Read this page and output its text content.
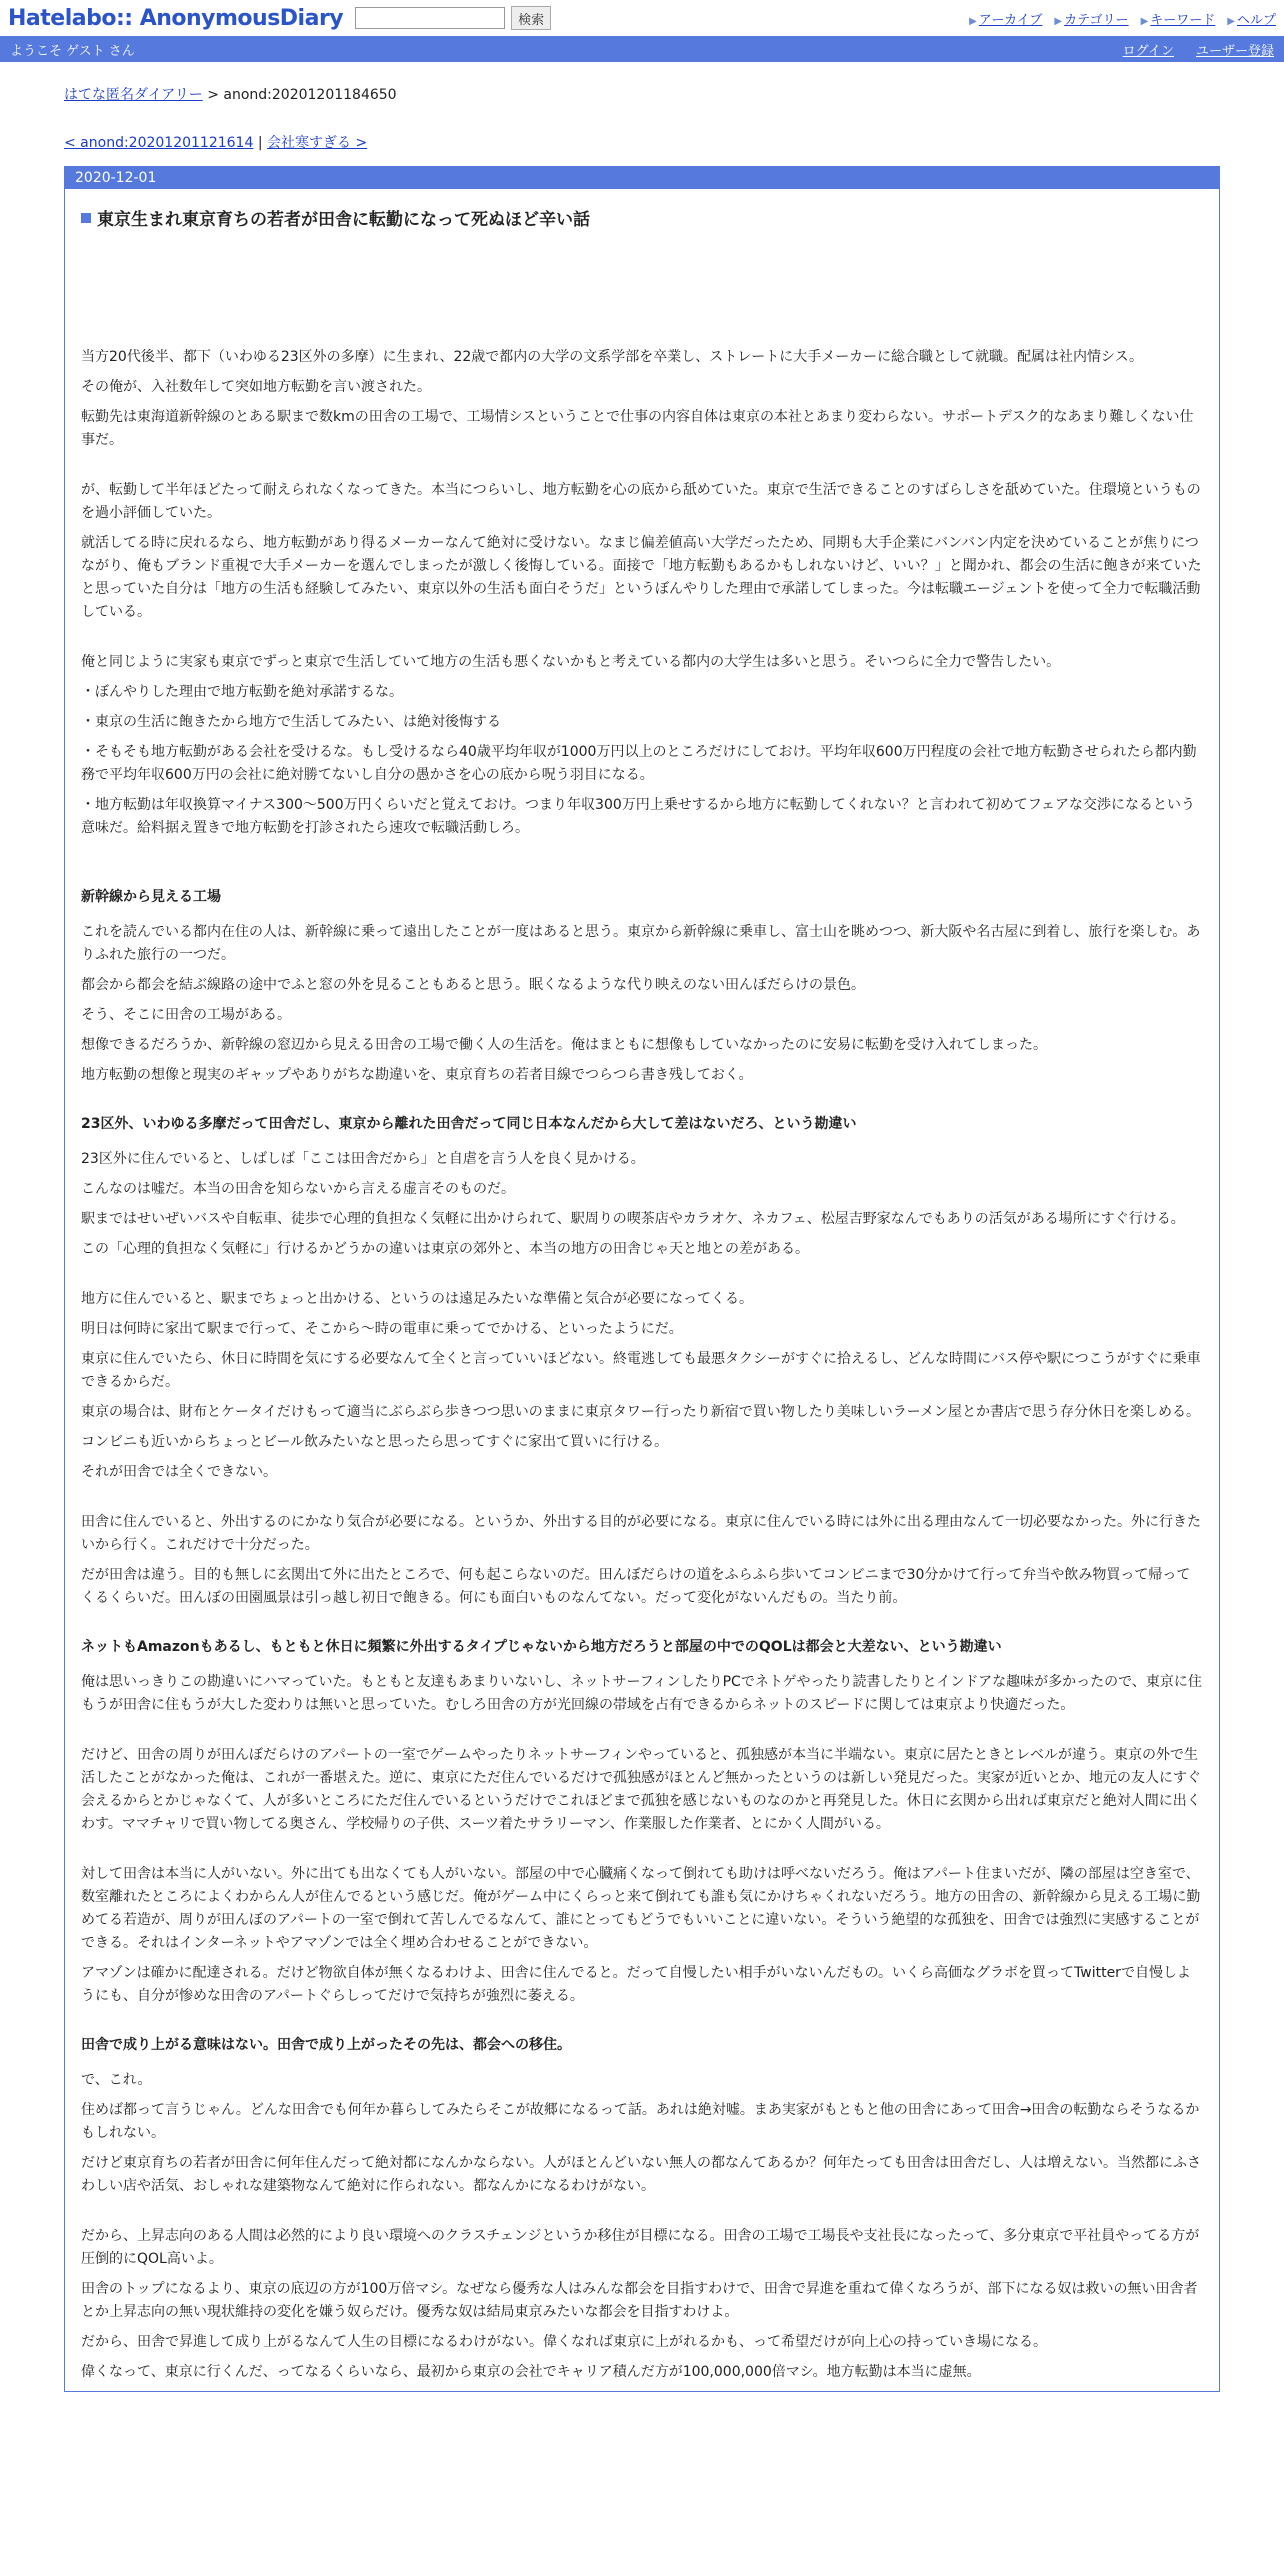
Hatelabo:: AnonymousDiary	検索	▶ アーカイブ ▶ カテゴリー ▶ キーワード ▶ ヘルプ
ようこそ ゲスト さん	ログイン ユーザー登録
はてな匿名ダイアリー > anond:20201201184650
< anond:20201201121614 | 会社寒すぎる >
2020-12-01
東京生まれ東京育ちの若者が田舎に転勤になって死ぬほど辛い話

当方20代後半、都下（いわゆる23区外の多摩）に生まれ、22歳で都内の大学の文系学部を卒業し、ストレートに大手メーカーに総合職として就職。配属は社内情シス。

その俺が、入社数年して突如地方転勤を言い渡された。

転勤先は東海道新幹線のとある駅まで数kmの田舎の工場で、工場情シスということで仕事の内容自体は東京の本社とあまり変わらない。サポートデスク的なあまり難しくない仕事だ。

が、転勤して半年ほどたって耐えられなくなってきた。本当につらいし、地方転勤を心の底から舐めていた。東京で生活できることのすばらしさを舐めていた。住環境というものを過小評価していた。

就活してる時に戻れるなら、地方転勤があり得るメーカーなんて絶対に受けない。なまじ偏差値高い大学だったため、同期も大手企業にバンバン内定を決めていることが焦りにつながり、俺もブランド重視で大手メーカーを選んでしまったが激しく後悔している。面接で「地方転勤もあるかもしれないけど、いい？」と聞かれ、都会の生活に飽きが来ていたと思っていた自分は「地方の生活も経験してみたい、東京以外の生活も面白そうだ」というぼんやりした理由で承諾してしまった。今は転職エージェントを使って全力で転職活動している。

俺と同じように実家も東京でずっと東京で生活していて地方の生活も悪くないかもと考えている都内の大学生は多いと思う。そいつらに全力で警告したい。

・ぼんやりした理由で地方転勤を絶対承諾するな。

・東京の生活に飽きたから地方で生活してみたい、は絶対後悔する

・そもそも地方転勤がある会社を受けるな。もし受けるなら40歳平均年収が1000万円以上のところだけにしておけ。平均年収600万円程度の会社で地方転勤させられたら都内勤務で平均年収600万円の会社に絶対勝てないし自分の愚かさを心の底から呪う羽目になる。

・地方転勤は年収換算マイナス300～500万円くらいだと覚えておけ。つまり年収300万円上乗せするから地方に転勤してくれない？と言われて初めてフェアな交渉になるという意味だ。給料据え置きで地方転勤を打診されたら速攻で転職活動しろ。

新幹線から見える工場

これを読んでいる都内在住の人は、新幹線に乗って遠出したことが一度はあると思う。東京から新幹線に乗車し、富士山を眺めつつ、新大阪や名古屋に到着し、旅行を楽しむ。ありふれた旅行の一つだ。

都会から都会を結ぶ線路の途中でふと窓の外を見ることもあると思う。眠くなるような代り映えのない田んぼだらけの景色。

そう、そこに田舎の工場がある。

想像できるだろうか、新幹線の窓辺から見える田舎の工場で働く人の生活を。俺はまともに想像もしていなかったのに安易に転勤を受け入れてしまった。

地方転勤の想像と現実のギャップやありがちな勘違いを、東京育ちの若者目線でつらつら書き残しておく。

23区外、いわゆる多摩だって田舎だし、東京から離れた田舎だって同じ日本なんだから大して差はないだろ、という勘違い

23区外に住んでいると、しばしば「ここは田舎だから」と自虐を言う人を良く見かける。

こんなのは嘘だ。本当の田舎を知らないから言える虚言そのものだ。

駅まではせいぜいバスや自転車、徒歩で心理的負担なく気軽に出かけられて、駅周りの喫茶店やカラオケ、ネカフェ、松屋吉野家なんでもありの活気がある場所にすぐ行ける。

この「心理的負担なく気軽に」行けるかどうかの違いは東京の郊外と、本当の地方の田舎じゃ天と地との差がある。

地方に住んでいると、駅までちょっと出かける、というのは遠足みたいな準備と気合が必要になってくる。

明日は何時に家出て駅まで行って、そこから～時の電車に乗ってでかける、といったようにだ。

東京に住んでいたら、休日に時間を気にする必要なんて全くと言っていいほどない。終電逃しても最悪タクシーがすぐに拾えるし、どんな時間にバス停や駅につこうがすぐに乗車できるからだ。

東京の場合は、財布とケータイだけもって適当にぶらぶら歩きつつ思いのままに東京タワー行ったり新宿で買い物したり美味しいラーメン屋とか書店で思う存分休日を楽しめる。

コンビニも近いからちょっとビール飲みたいなと思ったら思ってすぐに家出て買いに行ける。

それが田舎では全くできない。

田舎に住んでいると、外出するのにかなり気合が必要になる。というか、外出する目的が必要になる。東京に住んでいる時には外に出る理由なんて一切必要なかった。外に行きたいから行く。これだけで十分だった。

だが田舎は違う。目的も無しに玄関出て外に出たところで、何も起こらないのだ。田んぼだらけの道をふらふら歩いてコンビニまで30分かけて行って弁当や飲み物買って帰ってくるくらいだ。田んぼの田園風景は引っ越し初日で飽きる。何にも面白いものなんてない。だって変化がないんだもの。当たり前。

ネットもAmazonもあるし、もともと休日に頻繁に外出するタイプじゃないから地方だろうと部屋の中でのQOLは都会と大差ない、という勘違い

俺は思いっきりこの勘違いにハマっていた。もともと友達もあまりいないし、ネットサーフィンしたりPCでネトゲやったり読書したりとインドアな趣味が多かったので、東京に住もうが田舎に住もうが大した変わりは無いと思っていた。むしろ田舎の方が光回線の帯域を占有できるからネットのスピードに関しては東京より快適だった。

だけど、田舎の周りが田んぼだらけのアパートの一室でゲームやったりネットサーフィンやっていると、孤独感が本当に半端ない。東京に居たときとレベルが違う。東京の外で生活したことがなかった俺は、これが一番堪えた。逆に、東京にただ住んでいるだけで孤独感がほとんど無かったというのは新しい発見だった。実家が近いとか、地元の友人にすぐ会えるからとかじゃなくて、人が多いところにただ住んでいるというだけでこれほどまで孤独を感じないものなのかと再発見した。休日に玄関から出れば東京だと絶対人間に出くわす。ママチャリで買い物してる奥さん、学校帰りの子供、スーツ着たサラリーマン、作業服した作業者、とにかく人間がいる。

対して田舎は本当に人がいない。外に出ても出なくても人がいない。部屋の中で心臓痛くなって倒れても助けは呼べないだろう。俺はアパート住まいだが、隣の部屋は空き室で、数室離れたところによくわからん人が住んでるという感じだ。俺がゲーム中にくらっと来て倒れても誰も気にかけちゃくれないだろう。地方の田舎の、新幹線から見える工場に勤めてる若造が、周りが田んぼのアパートの一室で倒れて苦しんでるなんて、誰にとってもどうでもいいことに違いない。そういう絶望的な孤独を、田舎では強烈に実感することができる。それはインターネットやアマゾンでは全く埋め合わせることができない。

アマゾンは確かに配達される。だけど物欲自体が無くなるわけよ、田舎に住んでると。だって自慢したい相手がいないんだもの。いくら高価なグラボを買ってTwitterで自慢しようにも、自分が惨めな田舎のアパートぐらしってだけで気持ちが強烈に萎える。

田舎で成り上がる意味はない。田舎で成り上がったその先は、都会への移住。

で、これ。

住めば都って言うじゃん。どんな田舎でも何年か暮らしてみたらそこが故郷になるって話。あれは絶対嘘。まあ実家がもともと他の田舎にあって田舎→田舎の転勤ならそうなるかもしれない。

だけど東京育ちの若者が田舎に何年住んだって絶対都になんかならない。人がほとんどいない無人の都なんてあるか？何年たっても田舎は田舎だし、人は増えない。当然都にふさわしい店や活気、おしゃれな建築物なんて絶対に作られない。都なんかになるわけがない。

だから、上昇志向のある人間は必然的により良い環境へのクラスチェンジというか移住が目標になる。田舎の工場で工場長や支社長になったって、多分東京で平社員やってる方が圧倒的にQOL高いよ。

田舎のトップになるより、東京の底辺の方が100万倍マシ。なぜなら優秀な人はみんな都会を目指すわけで、田舎で昇進を重ねて偉くなろうが、部下になる奴は救いの無い田舎者とか上昇志向の無い現状維持の変化を嫌う奴らだけ。優秀な奴は結局東京みたいな都会を目指すわけよ。

だから、田舎で昇進して成り上がるなんて人生の目標になるわけがない。偉くなれば東京に上がれるかも、って希望だけが向上心の持っていき場になる。

偉くなって、東京に行くんだ、ってなるくらいなら、最初から東京の会社でキャリア積んだ方が100,000,000倍マシ。地方転勤は本当に虚無。
